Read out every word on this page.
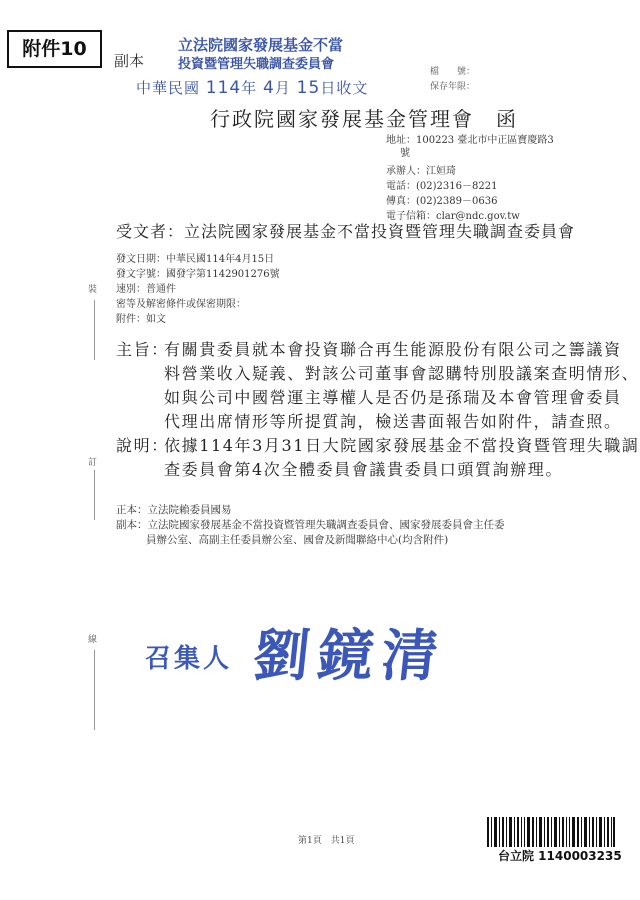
附件10
副本
立法院國家發展基金不當
投資暨管理失職調查委員會
中華民國 114年 4月 15日收文
檔　　號：
保存年限：
行政院國家發展基金管理會　函
地址：100223 臺北市中正區寶慶路3
號
承辦人：江姮琦
電話：(02)2316－8221
傳真：(02)2389－0636
電子信箱：clar@ndc.gov.tw
受文者：立法院國家發展基金不當投資暨管理失職調查委員會
發文日期：中華民國114年4月15日
發文字號：國發字第1142901276號
速別：普通件
密等及解密條件或保密期限：
附件：如文
主旨：
有關貴委員就本會投資聯合再生能源股份有限公司之籌議資
料營業收入疑義、對該公司董事會認購特別股議案查明情形、
如與公司中國營運主導權人是否仍是孫瑞及本會管理會委員
代理出席情形等所提質詢，檢送書面報告如附件，請查照。
說明：
依據114年3月31日大院國家發展基金不當投資暨管理失職調
查委員會第4次全體委員會議貴委員口頭質詢辦理。
正本：立法院賴委員國易
副本：立法院國家發展基金不當投資暨管理失職調查委員會、國家發展委員會主任委
員辦公室、高副主任委員辦公室、國會及新聞聯絡中心(均含附件)
裝
訂
線
召集人 劉鏡清
第1頁　共1頁
台立院 1140003235
